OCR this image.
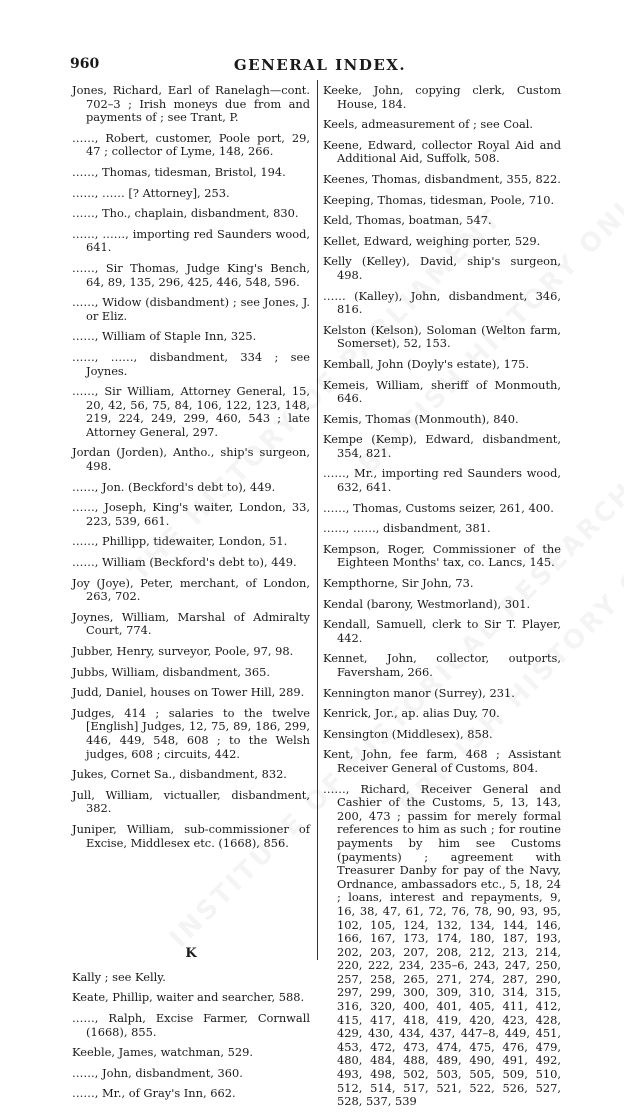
GENERAL INDEX.
960
Jones, Richard, Earl of Ranelagh—cont. 702–3 ; Irish moneys due from and payments of ; see Trant, P.
……, Robert, customer, Poole port, 29, 47 ; collector of Lyme, 148, 266.
……, Thomas, tidesman, Bristol, 194.
……, …… [? Attorney], 253.
……, Tho., chaplain, disbandment, 830.
……, ……, importing red Saunders wood, 641.
……, Sir Thomas, Judge King's Bench, 64, 89, 135, 296, 425, 446, 548, 596.
……, Widow (disbandment) ; see Jones, J. or Eliz.
……, William of Staple Inn, 325.
……, ……, disbandment, 334 ; see Joynes.
……, Sir William, Attorney General, 15, 20, 42, 56, 75, 84, 106, 122, 123, 148, 219, 224, 249, 299, 460, 543 ; late Attorney General, 297.
Jordan (Jorden), Antho., ship's surgeon, 498.
……, Jon. (Beckford's debt to), 449.
……, Joseph, King's waiter, London, 33, 223, 539, 661.
……, Phillipp, tidewaiter, London, 51.
……, William (Beckford's debt to), 449.
Joy (Joye), Peter, merchant, of London, 263, 702.
Joynes, William, Marshal of Admiralty Court, 774.
Jubber, Henry, surveyor, Poole, 97, 98.
Jubbs, William, disbandment, 365.
Judd, Daniel, houses on Tower Hill, 289.
Judges, 414 ; salaries to the twelve [English] Judges, 12, 75, 89, 186, 299, 446, 449, 548, 608 ; to the Welsh judges, 608 ; circuits, 442.
Jukes, Cornet Sa., disbandment, 832.
Jull, William, victualler, disbandment, 382.
Juniper, William, sub-commissioner of Excise, Middlesex etc. (1668), 856.
K
Kally ; see Kelly.
Keate, Phillip, waiter and searcher, 588.
……, Ralph, Excise Farmer, Cornwall (1668), 855.
Keeble, James, watchman, 529.
……, John, disbandment, 360.
……, Mr., of Gray's Inn, 662.
Keeke, John, copying clerk, Custom House, 184.
Keels, admeasurement of ; see Coal.
Keene, Edward, collector Royal Aid and Additional Aid, Suffolk, 508.
Keenes, Thomas, disbandment, 355, 822.
Keeping, Thomas, tidesman, Poole, 710.
Keld, Thomas, boatman, 547.
Kellet, Edward, weighing porter, 529.
Kelly (Kelley), David, ship's surgeon, 498.
…… (Kalley), John, disbandment, 346, 816.
Kelston (Kelson), Soloman (Welton farm, Somerset), 52, 153.
Kemball, John (Doyly's estate), 175.
Kemeis, William, sheriff of Monmouth, 646.
Kemis, Thomas (Monmouth), 840.
Kempe (Kemp), Edward, disbandment, 354, 821.
……, Mr., importing red Saunders wood, 632, 641.
……, Thomas, Customs seizer, 261, 400.
……, ……, disbandment, 381.
Kempson, Roger, Commissioner of the Eighteen Months' tax, co. Lancs, 145.
Kempthorne, Sir John, 73.
Kendal (barony, Westmorland), 301.
Kendall, Samuell, clerk to Sir T. Player, 442.
Kennet, John, collector, outports, Faversham, 266.
Kennington manor (Surrey), 231.
Kenrick, Jor., ap. alias Duy, 70.
Kensington (Middlesex), 858.
Kent, John, fee farm, 468 ; Assistant Receiver General of Customs, 804.
……, Richard, Receiver General and Cashier of the Customs, 5, 13, 143, 200, 473 ; passim for merely formal references to him as such ; for routine payments by him see Customs (payments) ; agreement with Treasurer Danby for pay of the Navy, Ordnance, ambassadors etc., 5, 18, 24 ; loans, interest and repayments, 9, 16, 38, 47, 61, 72, 76, 78, 90, 93, 95, 102, 105, 124, 132, 134, 144, 146, 166, 167, 173, 174, 180, 187, 193, 202, 203, 207, 208, 212, 213, 214, 220, 222, 234, 235–6, 243, 247, 250, 257, 258, 265, 271, 274, 287, 290, 297, 299, 300, 309, 310, 314, 315, 316, 320, 400, 401, 405, 411, 412, 415, 417, 418, 419, 420, 423, 428, 429, 430, 434, 437, 447–8, 449, 451, 453, 472, 473, 474, 475, 476, 479, 480, 484, 488, 489, 490, 491, 492, 493, 498, 502, 503, 505, 509, 510, 512, 514, 517, 521, 522, 526, 527, 528, 537, 539
